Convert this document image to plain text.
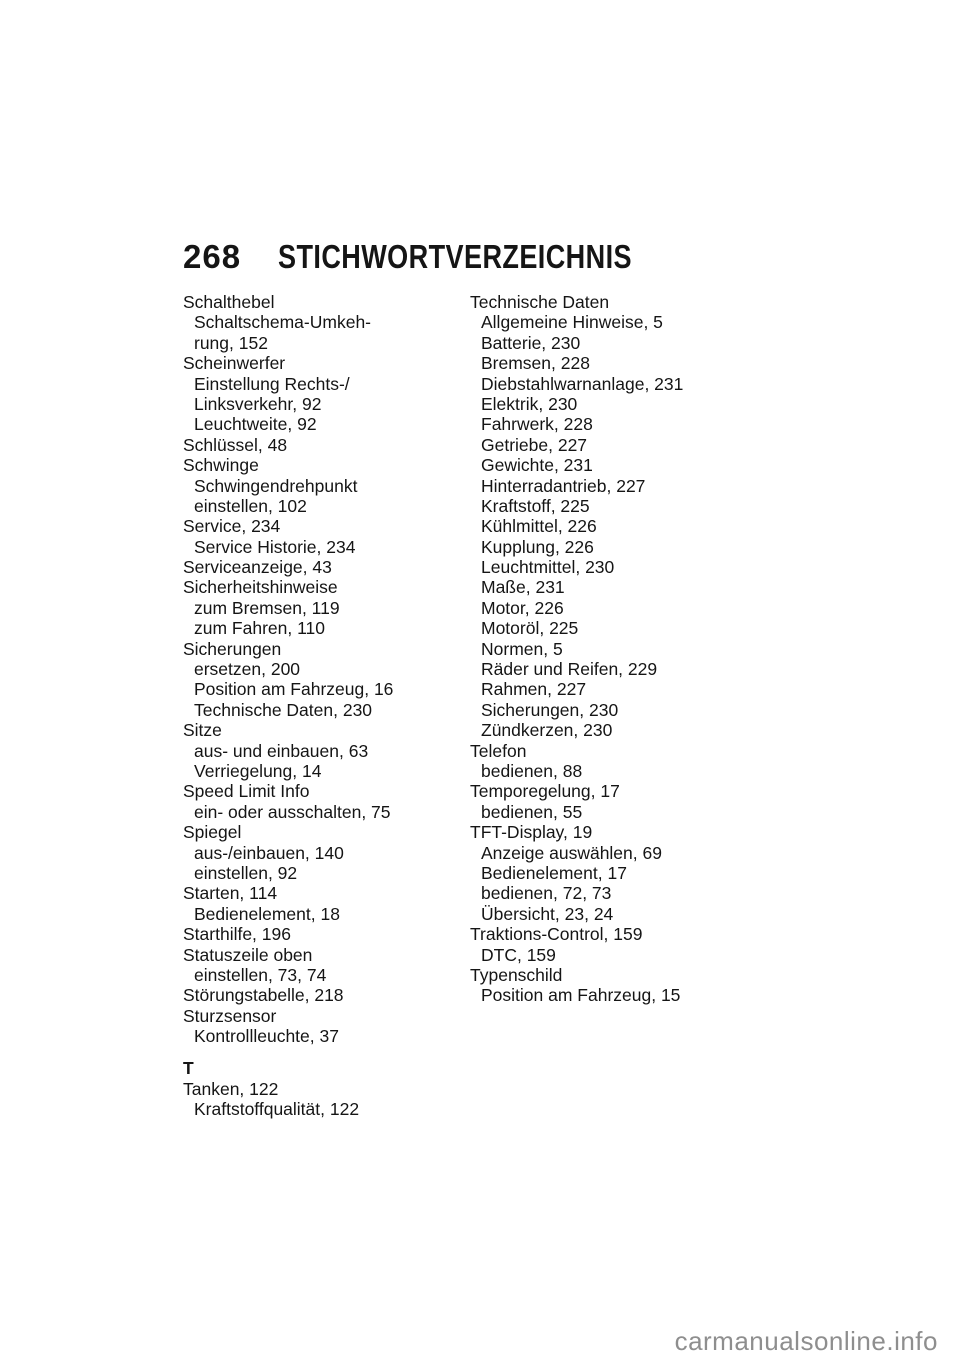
268 STICHWORTVERZEICHNIS
Schalthebel
Schaltschema-Umkeh-
rung, 152
Scheinwerfer
Einstellung Rechts-/
Linksverkehr, 92
Leuchtweite, 92
Schlüssel, 48
Schwinge
Schwingendrehpunkt
einstellen, 102
Service, 234
Service Historie, 234
Serviceanzeige, 43
Sicherheitshinweise
zum Bremsen, 119
zum Fahren, 110
Sicherungen
ersetzen, 200
Position am Fahrzeug, 16
Technische Daten, 230
Sitze
aus- und einbauen, 63
Verriegelung, 14
Speed Limit Info
ein- oder ausschalten, 75
Spiegel
aus-/einbauen, 140
einstellen, 92
Starten, 114
Bedienelement, 18
Starthilfe, 196
Statuszeile oben
einstellen, 73, 74
Störungstabelle, 218
Sturzsensor
Kontrollleuchte, 37
T
Tanken, 122
Kraftstoffqualität, 122
Technische Daten
Allgemeine Hinweise, 5
Batterie, 230
Bremsen, 228
Diebstahlwarnanlage, 231
Elektrik, 230
Fahrwerk, 228
Getriebe, 227
Gewichte, 231
Hinterradantrieb, 227
Kraftstoff, 225
Kühlmittel, 226
Kupplung, 226
Leuchtmittel, 230
Maße, 231
Motor, 226
Motoröl, 225
Normen, 5
Räder und Reifen, 229
Rahmen, 227
Sicherungen, 230
Zündkerzen, 230
Telefon
bedienen, 88
Temporegelung, 17
bedienen, 55
TFT-Display, 19
Anzeige auswählen, 69
Bedienelement, 17
bedienen, 72, 73
Übersicht, 23, 24
Traktions-Control, 159
DTC, 159
Typenschild
Position am Fahrzeug, 15
carmanualsonline.info
